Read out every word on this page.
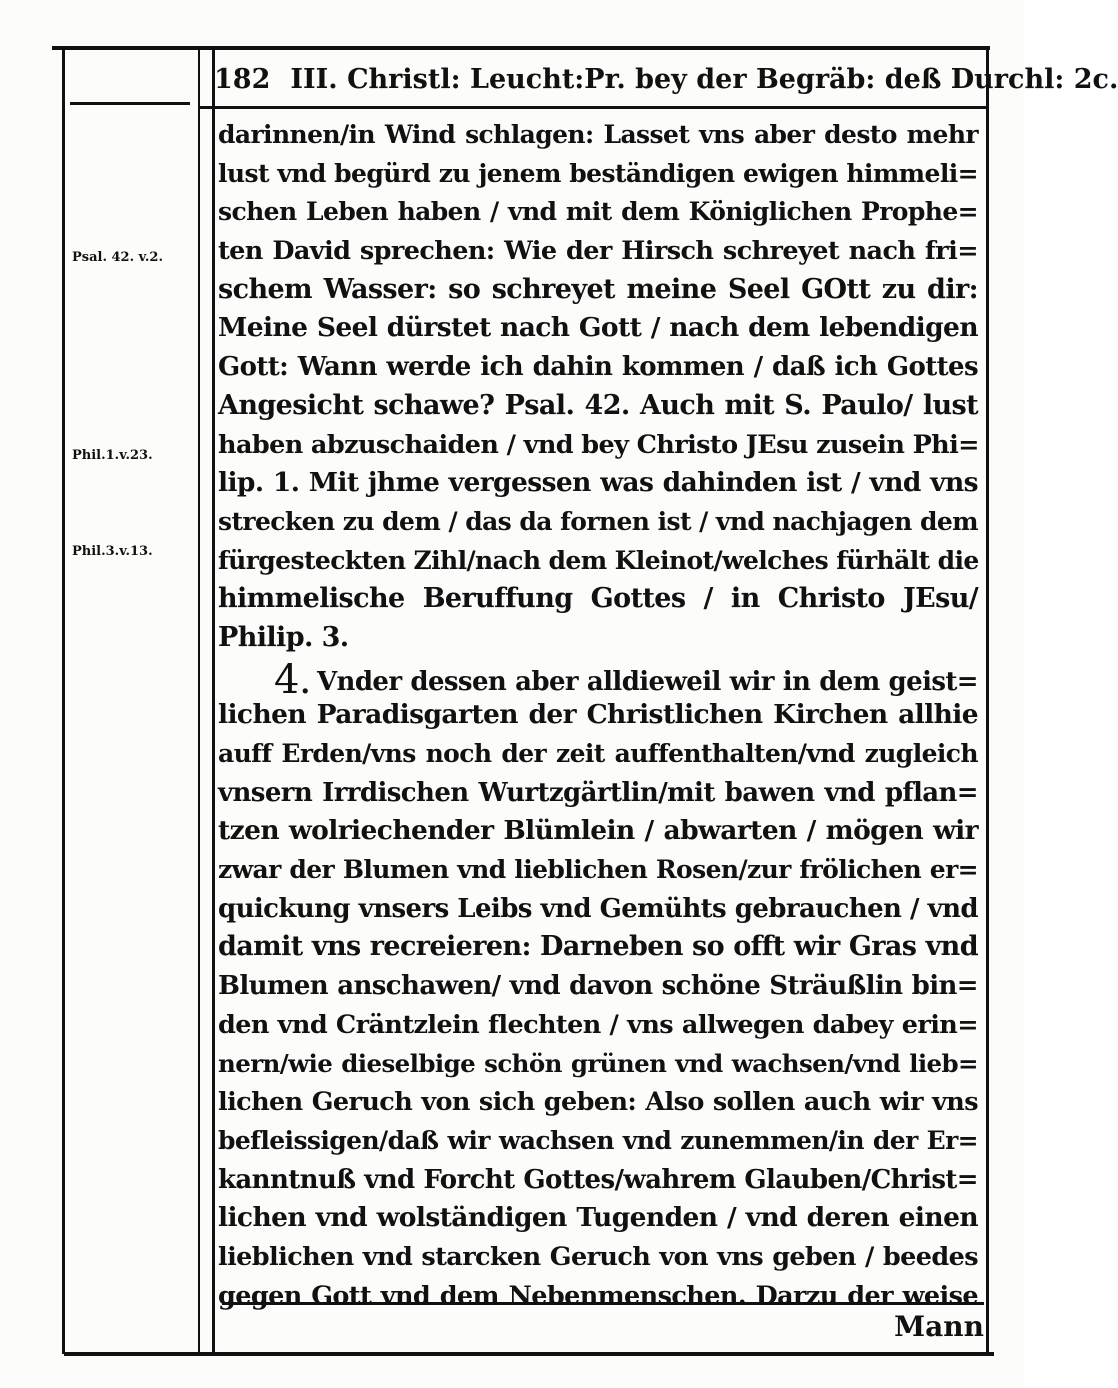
182 III. Christl: Leucht:Pr. bey der Begräb: deß Durchl: 2c.
Psal. 42. v.2.
Phil.1.v.23.
Phil.3.v.13.
darinnen/in Wind schlagen: Lasset vns aber desto mehr
lust vnd begürd zu jenem beständigen ewigen himmeli=
schen Leben haben / vnd mit dem Königlichen Prophe=
ten David sprechen: Wie der Hirsch schreyet nach fri=
schem Wasser: so schreyet meine Seel GOtt zu dir:
Meine Seel dürstet nach Gott / nach dem lebendigen
Gott: Wann werde ich dahin kommen / daß ich Gottes
Angesicht schawe? Psal. 42. Auch mit S. Paulo/ lust
haben abzuschaiden / vnd bey Christo JEsu zusein Phi=
lip. 1. Mit jhme vergessen was dahinden ist / vnd vns
strecken zu dem / das da fornen ist / vnd nachjagen dem
fürgesteckten Zihl/nach dem Kleinot/welches fürhält die
himmelische Beruffung Gottes / in Christo JEsu/
Philip. 3.
4. Vnder dessen aber alldieweil wir in dem geist=
lichen Paradisgarten der Christlichen Kirchen allhie
auff Erden/vns noch der zeit auffenthalten/vnd zugleich
vnsern Irrdischen Wurtzgärtlin/mit bawen vnd pflan=
tzen wolriechender Blümlein / abwarten / mögen wir
zwar der Blumen vnd lieblichen Rosen/zur frölichen er=
quickung vnsers Leibs vnd Gemühts gebrauchen / vnd
damit vns recreieren: Darneben so offt wir Gras vnd
Blumen anschawen/ vnd davon schöne Sträußlin bin=
den vnd Cräntzlein flechten / vns allwegen dabey erin=
nern/wie dieselbige schön grünen vnd wachsen/vnd lieb=
lichen Geruch von sich geben: Also sollen auch wir vns
befleissigen/daß wir wachsen vnd zunemmen/in der Er=
kanntnuß vnd Forcht Gottes/wahrem Glauben/Christ=
lichen vnd wolständigen Tugenden / vnd deren einen
lieblichen vnd starcken Geruch von vns geben / beedes
gegen Gott vnd dem Nebenmenschen. Darzu der weise
Mann
